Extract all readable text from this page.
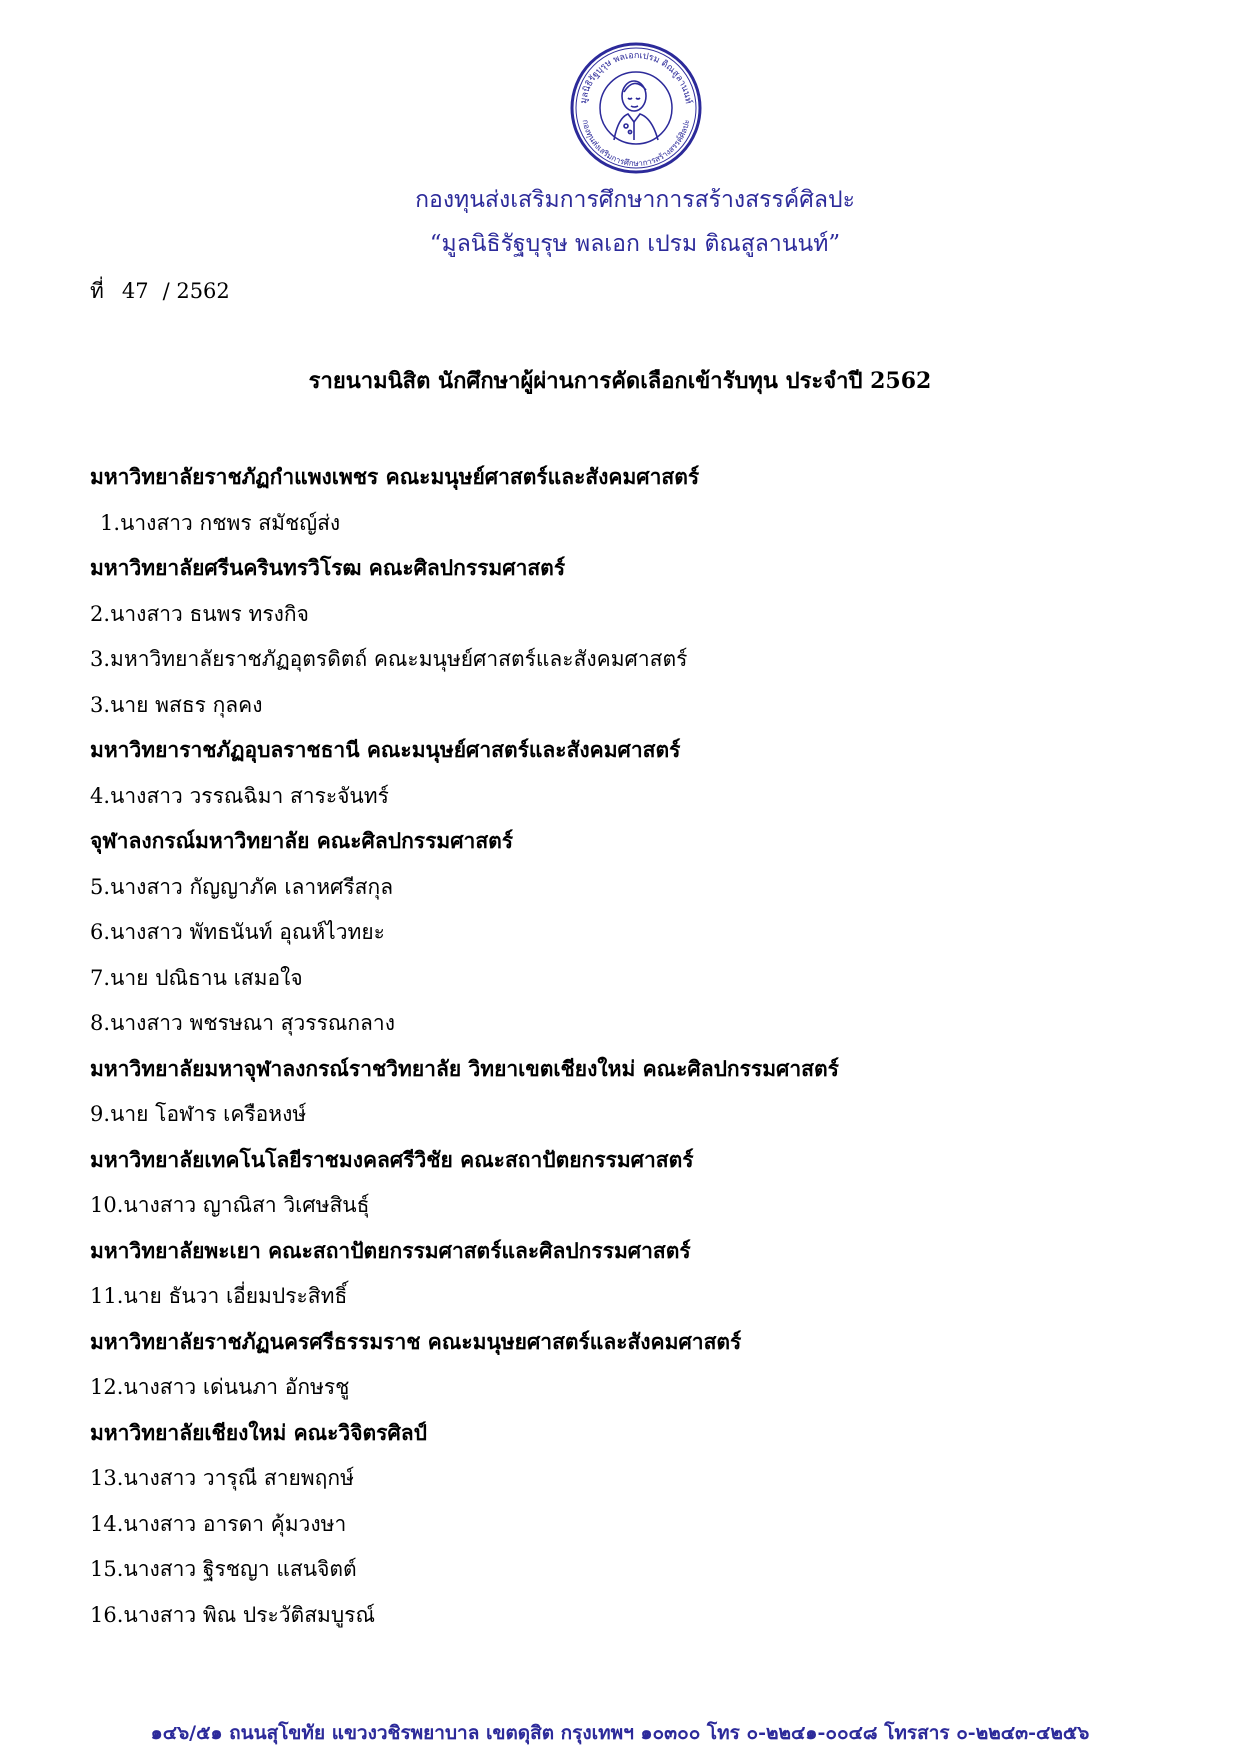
มูลนิธิรัฐบุรุษ พลเอกเปรม ติณสูลานนท์
กองทุนส่งเสริมการศึกษาการสร้างสรรค์ศิลปะ
กองทุนส่งเสริมการศึกษาการสร้างสรรค์ศิลปะ
“มูลนิธิรัฐบุรุษ พลเอก เปรม ติณสูลานนท์”
ที่ 47 / 2562
รายนามนิสิต นักศึกษาผู้ผ่านการคัดเลือกเข้ารับทุน ประจำปี 2562
มหาวิทยาลัยราชภัฏกำแพงเพชร คณะมนุษย์ศาสตร์และสังคมศาสตร์
1.นางสาว กชพร สมัชญ์ส่ง
มหาวิทยาลัยศรีนครินทรวิโรฒ คณะศิลปกรรมศาสตร์
2.นางสาว ธนพร ทรงกิจ
3.มหาวิทยาลัยราชภัฏอุตรดิตถ์ คณะมนุษย์ศาสตร์และสังคมศาสตร์
3.นาย พสธร กุลคง
มหาวิทยาราชภัฏอุบลราชธานี คณะมนุษย์ศาสตร์และสังคมศาสตร์
4.นางสาว วรรณฉิมา สาระจันทร์
จุฬาลงกรณ์มหาวิทยาลัย คณะศิลปกรรมศาสตร์
5.นางสาว กัญญาภัค เลาหศรีสกุล
6.นางสาว พัทธนันท์ อุณห์ไวทยะ
7.นาย ปณิธาน เสมอใจ
8.นางสาว พชรษณา สุวรรณกลาง
มหาวิทยาลัยมหาจุฬาลงกรณ์ราชวิทยาลัย วิทยาเขตเชียงใหม่ คณะศิลปกรรมศาสตร์
9.นาย โอฬาร เครือหงษ์
มหาวิทยาลัยเทคโนโลยีราชมงคลศรีวิชัย คณะสถาปัตยกรรมศาสตร์
10.นางสาว ญาณิสา วิเศษสินธุ์
มหาวิทยาลัยพะเยา คณะสถาปัตยกรรมศาสตร์และศิลปกรรมศาสตร์
11.นาย ธันวา เอี่ยมประสิทธิ์
มหาวิทยาลัยราชภัฏนครศรีธรรมราช คณะมนุษยศาสตร์และสังคมศาสตร์
12.นางสาว เด่นนภา อักษรชู
มหาวิทยาลัยเชียงใหม่ คณะวิจิตรศิลป์
13.นางสาว วารุณี สายพฤกษ์
14.นางสาว อารดา คุ้มวงษา
15.นางสาว ฐิรชญา แสนจิตต์
16.นางสาว พิณ ประวัติสมบูรณ์
๑๔๖/๕๑ ถนนสุโขทัย แขวงวชิรพยาบาล เขตดุสิต กรุงเทพฯ ๑๐๓๐๐ โทร ๐-๒๒๔๑-๐๐๔๘ โทรสาร ๐-๒๒๔๓-๔๒๕๖
